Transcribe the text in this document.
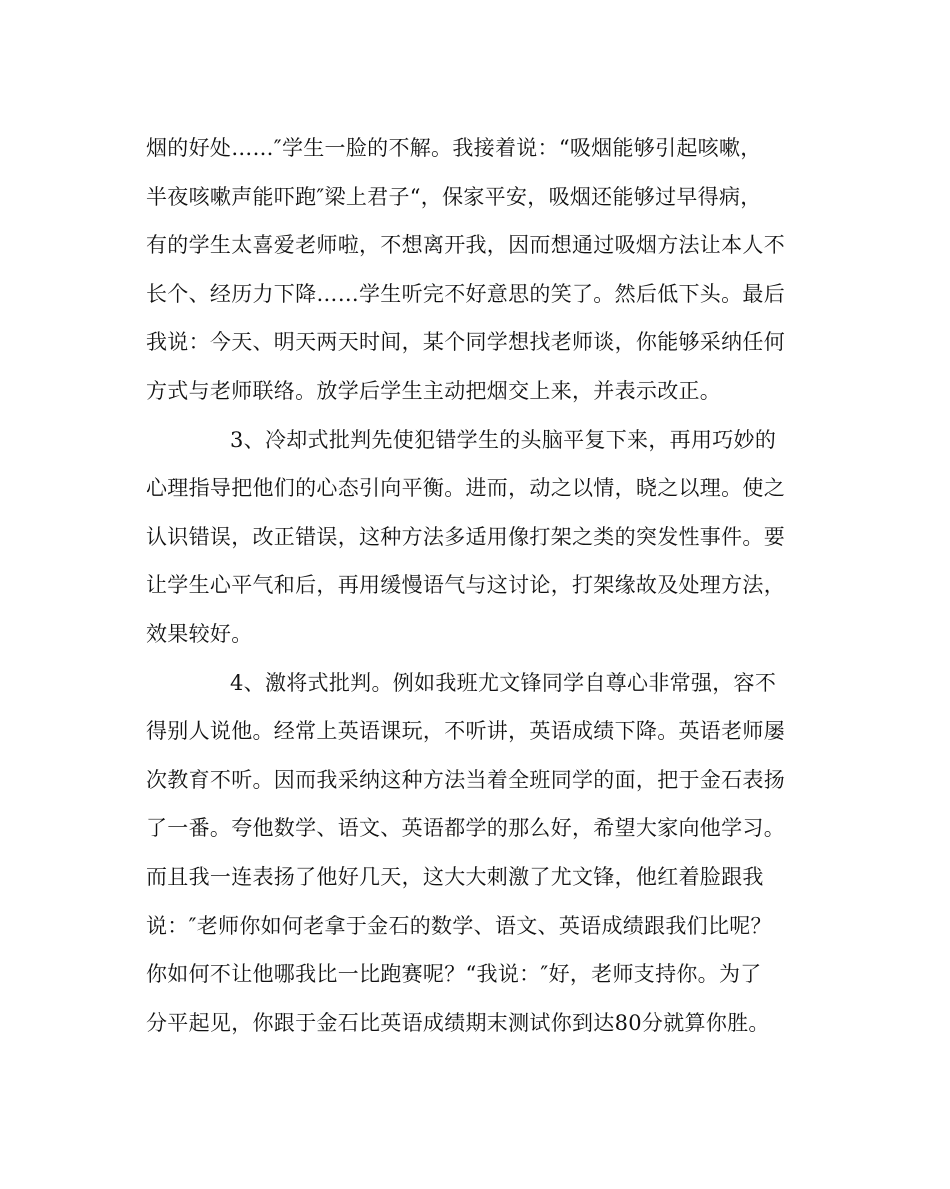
烟的好处……″学生一脸的不解。我接着说：“吸烟能够引起咳嗽，
半夜咳嗽声能吓跑″梁上君子“，保家平安，吸烟还能够过早得病，
有的学生太喜爱老师啦，不想离开我，因而想通过吸烟方法让本人不
长个、经历力下降……学生听完不好意思的笑了。然后低下头。最后
我说：今天、明天两天时间，某个同学想找老师谈，你能够采纳任何
方式与老师联络。放学后学生主动把烟交上来，并表示改正。
3、冷却式批判先使犯错学生的头脑平复下来，再用巧妙的
心理指导把他们的心态引向平衡。进而，动之以情，晓之以理。使之
认识错误，改正错误，这种方法多适用像打架之类的突发性事件。要
让学生心平气和后，再用缓慢语气与这讨论，打架缘故及处理方法，
效果较好。
4、激将式批判。例如我班尤文锋同学自尊心非常强，容不
得别人说他。经常上英语课玩，不听讲，英语成绩下降。英语老师屡
次教育不听。因而我采纳这种方法当着全班同学的面，把于金石表扬
了一番。夸他数学、语文、英语都学的那么好，希望大家向他学习。
而且我一连表扬了他好几天，这大大刺激了尤文锋，他红着脸跟我
说：″老师你如何老拿于金石的数学、语文、英语成绩跟我们比呢？
你如何不让他哪我比一比跑赛呢？“我说：″好，老师支持你。为了
分平起见，你跟于金石比英语成绩期末测试你到达80分就算你胜。
